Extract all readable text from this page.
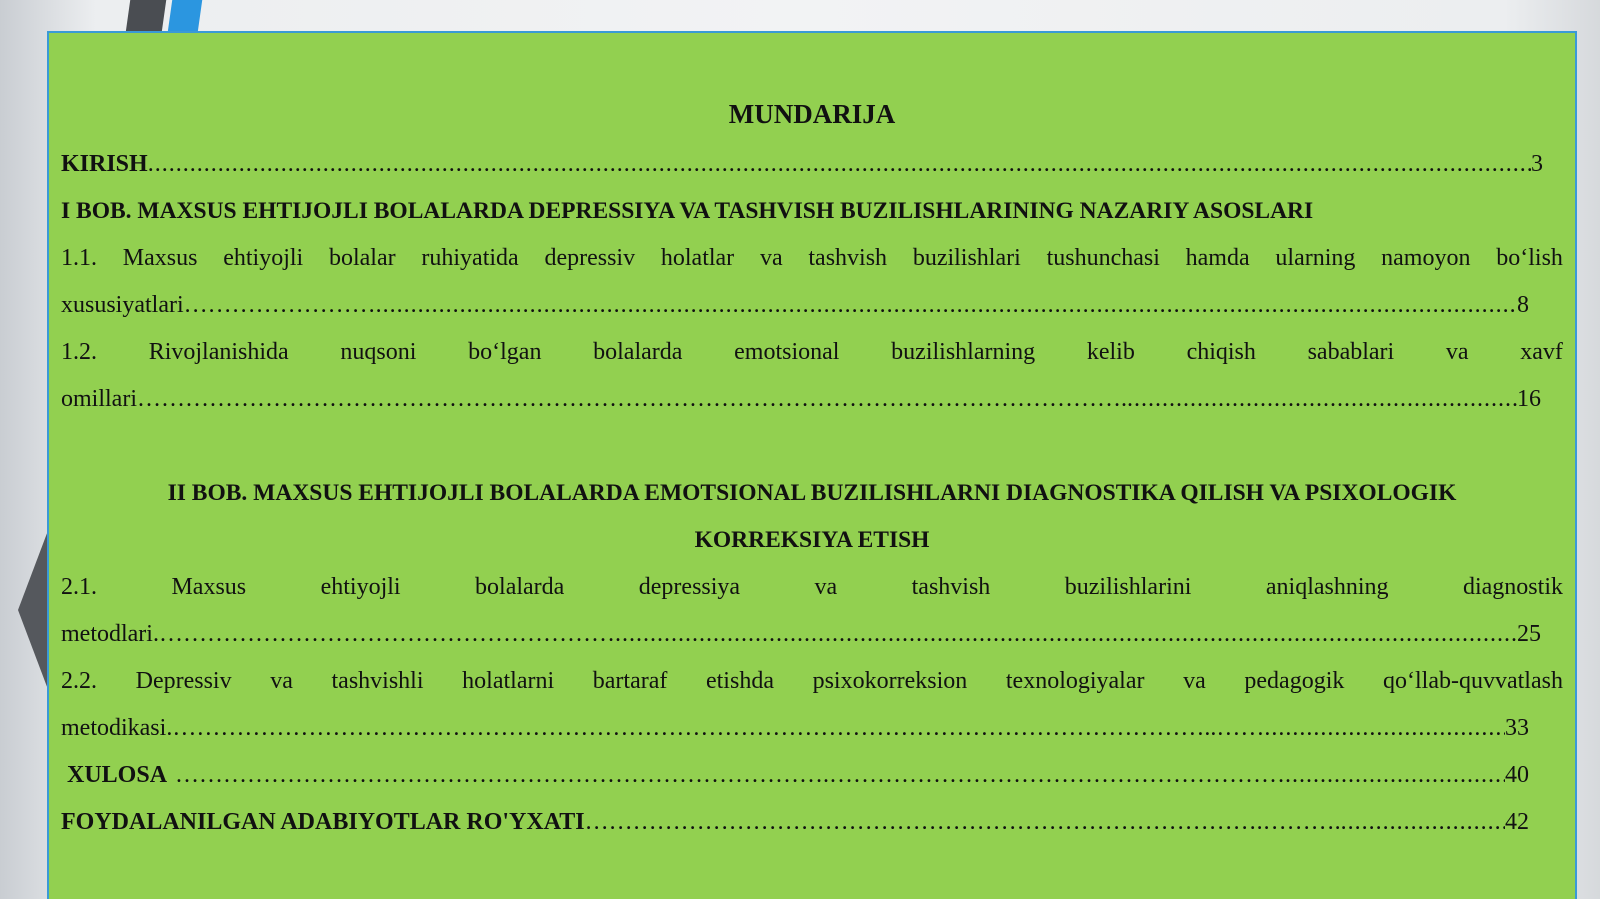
MUNDARIJA
KIRISH .....	3
I BOB. MAXSUS EHTIJOJLI BOLALARDA DEPRESSIYA VA TASHVISH BUZILISHLARINING NAZARIY ASOSLARI
1.1. Maxsus ehtiyojli bolalar ruhiyatida depressiv holatlar va tashvish buzilishlari tushunchasi hamda ularning namoyon bo‘lish
xususiyatlari…………………… .....	8
1.2. Rivojlanishida nuqsoni bo‘lgan bolalarda emotsional buzilishlarning kelib chiqish sabablari va xavf
omillari……………………………………………………………………………………………………………. .....	16
II BOB. MAXSUS EHTIJOJLI BOLALARDA EMOTSIONAL BUZILISHLARNI DIAGNOSTIKA QILISH VA PSIXOLOGIK
KORREKSIYA ETISH
2.1.	Maxsus	ehtiyojli	bolalarda	depressiya	va	tashvish	buzilishlarini	aniqlashning	diagnostik
metodlari.………………………………………………… .....	25
2.2. Depressiv va tashvishli holatlarni bartaraf etishda psixokorreksion texnologiyalar va pedagogik qo‘llab-quvvatlash
metodikasi.…………………………………………………………………………………………………………………..…… .....	33
XULOSA ……………………………………………………………………….………………………………………………… .....	40
FOYDALANILGAN ADABIYOTLAR RO'YXATI ………………………………………………………………………….………. .....	42
